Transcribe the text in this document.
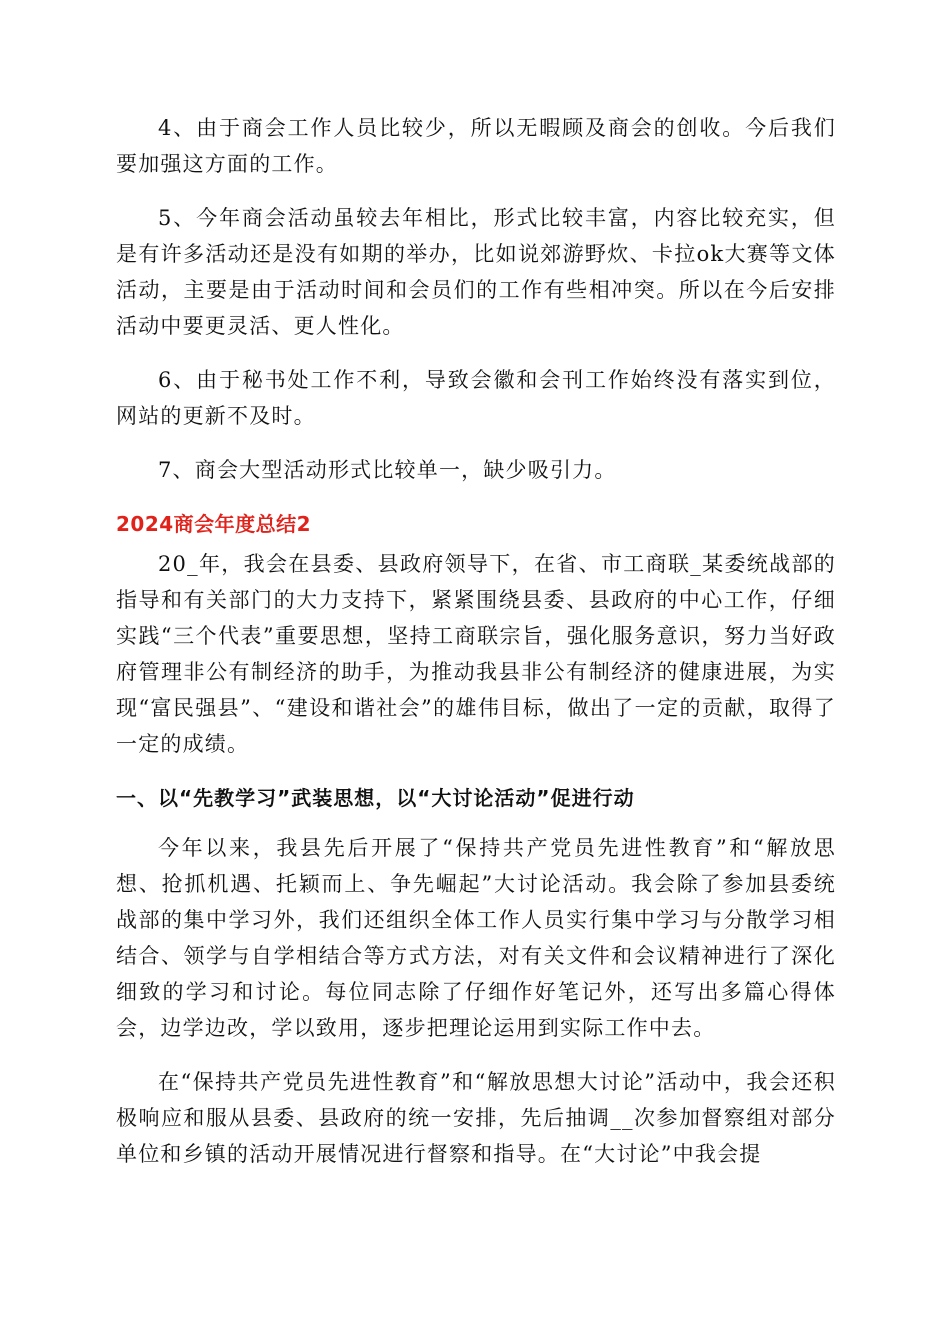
4、由于商会工作人员比较少，所以无暇顾及商会的创收。今后我们要加强这方面的工作。

5、今年商会活动虽较去年相比，形式比较丰富，内容比较充实，但是有许多活动还是没有如期的举办，比如说郊游野炊、卡拉ok大赛等文体活动，主要是由于活动时间和会员们的工作有些相冲突。所以在今后安排活动中要更灵活、更人性化。

6、由于秘书处工作不利，导致会徽和会刊工作始终没有落实到位，网站的更新不及时。

7、商会大型活动形式比较单一，缺少吸引力。

2024商会年度总结2

20_年，我会在县委、县政府领导下，在省、市工商联_某委统战部的指导和有关部门的大力支持下，紧紧围绕县委、县政府的中心工作，仔细实践“三个代表”重要思想，坚持工商联宗旨，强化服务意识，努力当好政府管理非公有制经济的助手，为推动我县非公有制经济的健康进展，为实现“富民强县”、“建设和谐社会”的雄伟目标，做出了一定的贡献，取得了一定的成绩。

一、以“先教学习”武装思想，以“大讨论活动”促进行动

今年以来，我县先后开展了“保持共产党员先进性教育”和“解放思想、抢抓机遇、托颖而上、争先崛起”大讨论活动。我会除了参加县委统战部的集中学习外，我们还组织全体工作人员实行集中学习与分散学习相结合、领学与自学相结合等方式方法，对有关文件和会议精神进行了深化细致的学习和讨论。每位同志除了仔细作好笔记外，还写出多篇心得体会，边学边改，学以致用，逐步把理论运用到实际工作中去。

在“保持共产党员先进性教育”和“解放思想大讨论”活动中，我会还积极响应和服从县委、县政府的统一安排，先后抽调__次参加督察组对部分单位和乡镇的活动开展情况进行督察和指导。在“大讨论”中我会提
